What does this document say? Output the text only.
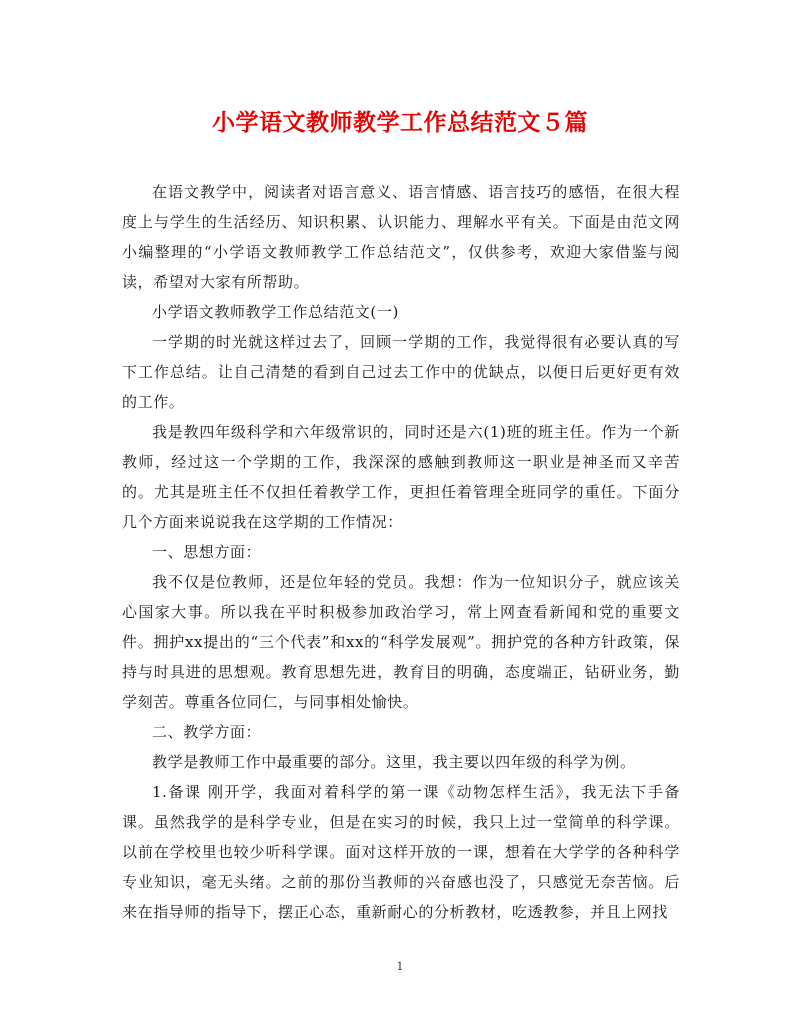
小学语文教师教学工作总结范文５篇

在语文教学中，阅读者对语言意义、语言情感、语言技巧的感悟，在很大程度上与学生的生活经历、知识积累、认识能力、理解水平有关。下面是由范文网小编整理的“小学语文教师教学工作总结范文”，仅供参考，欢迎大家借鉴与阅读，希望对大家有所帮助。

小学语文教师教学工作总结范文(一)

一学期的时光就这样过去了，回顾一学期的工作，我觉得很有必要认真的写下工作总结。让自己清楚的看到自己过去工作中的优缺点，以便日后更好更有效的工作。

我是教四年级科学和六年级常识的，同时还是六(1)班的班主任。作为一个新教师，经过这一个学期的工作，我深深的感触到教师这一职业是神圣而又辛苦的。尤其是班主任不仅担任着教学工作，更担任着管理全班同学的重任。下面分几个方面来说说我在这学期的工作情况：

一、思想方面：

我不仅是位教师，还是位年轻的党员。我想：作为一位知识分子，就应该关心国家大事。所以我在平时积极参加政治学习，常上网查看新闻和党的重要文件。拥护xx提出的“三个代表”和xx的“科学发展观”。拥护党的各种方针政策，保持与时具进的思想观。教育思想先进，教育目的明确，态度端正，钻研业务，勤学刻苦。尊重各位同仁，与同事相处愉快。

二、教学方面：

教学是教师工作中最重要的部分。这里，我主要以四年级的科学为例。

1.备课 刚开学，我面对着科学的第一课《动物怎样生活》，我无法下手备课。虽然我学的是科学专业，但是在实习的时候，我只上过一堂简单的科学课。以前在学校里也较少听科学课。面对这样开放的一课，想着在大学学的各种科学专业知识，毫无头绪。之前的那份当教师的兴奋感也没了，只感觉无奈苦恼。后来在指导师的指导下，摆正心态，重新耐心的分析教材，吃透教参，并且上网找

1
